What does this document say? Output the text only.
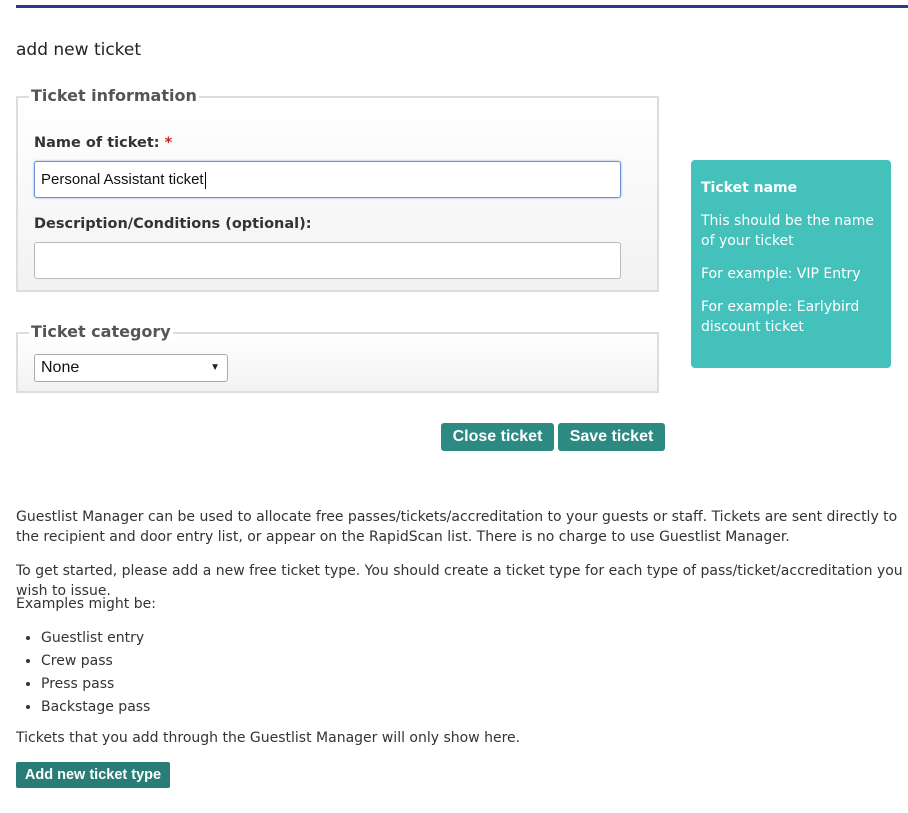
add new ticket
Ticket information
Name of ticket: *
Personal Assistant ticket
Description/Conditions (optional):
Ticket category
None	▼

Ticket name

This should be the name of your ticket

For example: VIP Entry

For example: Earlybird discount ticket

Close ticket	Save ticket

Guestlist Manager can be used to allocate free passes/tickets/accreditation to your guests or staff. Tickets are sent directly to the recipient and door entry list, or appear on the RapidScan list. There is no charge to use Guestlist Manager.

To get started, please add a new free ticket type. You should create a ticket type for each type of pass/ticket/accreditation you wish to issue.

Examples might be:

• Guestlist entry
• Crew pass
• Press pass
• Backstage pass

Tickets that you add through the Guestlist Manager will only show here.

Add new ticket type
